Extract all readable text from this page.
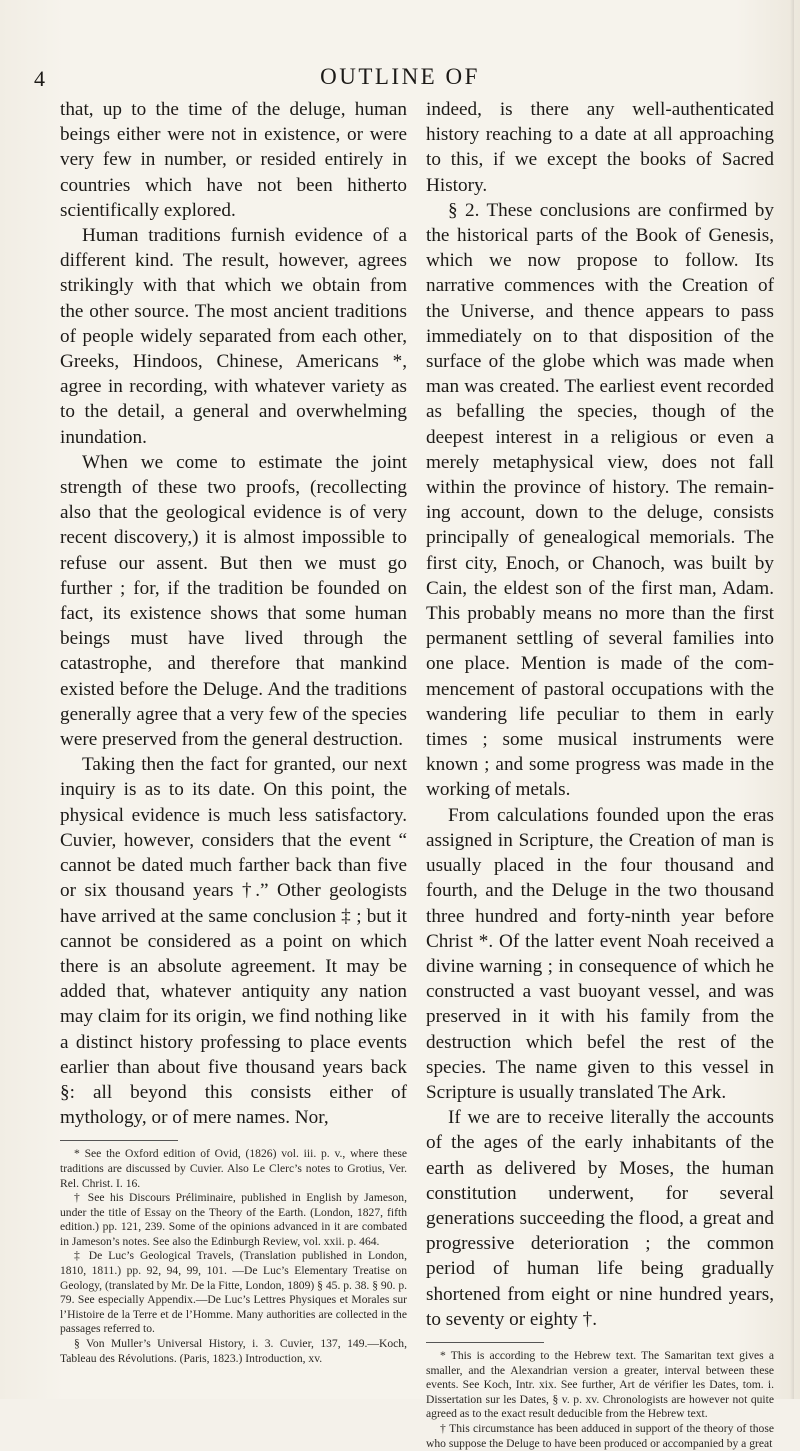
4	OUTLINE OF

that, up to the time of the deluge, human beings either were not in existence, or were very few in number, or resided entirely in countries which have not been hitherto scientifically explored.

Human traditions furnish evidence of a different kind. The result, however, agrees strikingly with that which we obtain from the other source. The most ancient traditions of people widely separated from each other, Greeks, Hindoos, Chinese, Americans *, agree in recording, with whatever variety as to the detail, a general and overwhelming inundation.

When we come to estimate the joint strength of these two proofs, (recollecting also that the geological evidence is of very recent discovery,) it is almost impossible to refuse our assent. But then we must go further ; for, if the tradition be founded on fact, its existence shows that some human beings must have lived through the catastrophe, and therefore that mankind existed before the Deluge. And the traditions generally agree that a very few of the species were preserved from the general destruction.

Taking then the fact for granted, our next inquiry is as to its date. On this point, the physical evidence is much less satisfactory. Cuvier, however, considers that the event “ cannot be dated much farther back than five or six thousand years †.” Other geologists have arrived at the same conclusion ‡ ; but it cannot be considered as a point on which there is an absolute agreement. It may be added that, whatever antiquity any nation may claim for its origin, we find nothing like a distinct history professing to place events earlier than about five thousand years back §: all beyond this consists either of mythology, or of mere names. Nor,

* See the Oxford edition of Ovid, (1826) vol. iii. p. v., where these traditions are discussed by Cuvier. Also Le Clerc’s notes to Grotius, Ver. Rel. Christ. I. 16.

† See his Discours Préliminaire, published in English by Jameson, under the title of Essay on the Theory of the Earth. (London, 1827, fifth edition.) pp. 121, 239. Some of the opinions advanced in it are combated in Jameson’s notes. See also the Edinburgh Review, vol. xxii. p. 464.

‡ De Luc’s Geological Travels, (Translation published in London, 1810, 1811.) pp. 92, 94, 99, 101. —De Luc’s Elementary Treatise on Geology, (translated by Mr. De la Fitte, London, 1809) § 45. p. 38. § 90. p. 79. See especially Appendix.—De Luc’s Lettres Physiques et Morales sur l’Histoire de la Terre et de l’Homme. Many authorities are collected in the passages referred to.

§ Von Muller’s Universal History, i. 3. Cuvier, 137, 149.—Koch, Tableau des Révolutions. (Paris, 1823.) Introduction, xv.

indeed, is there any well-authenticated history reaching to a date at all approaching to this, if we except the books of Sacred History.

§ 2. These conclusions are confirmed by the historical parts of the Book of Genesis, which we now propose to follow. Its narrative commences with the Creation of the Universe, and thence appears to pass immediately on to that disposition of the surface of the globe which was made when man was created. The earliest event recorded as befalling the species, though of the deepest interest in a religious or even a merely metaphysical view, does not fall within the province of history. The remaining account, down to the deluge, consists principally of genealogical memorials. The first city, Enoch, or Chanoch, was built by Cain, the eldest son of the first man, Adam. This probably means no more than the first permanent settling of several families into one place. Mention is made of the commencement of pastoral occupations with the wandering life peculiar to them in early times ; some musical instruments were known ; and some progress was made in the working of metals.

From calculations founded upon the eras assigned in Scripture, the Creation of man is usually placed in the four thousand and fourth, and the Deluge in the two thousand three hundred and forty-ninth year before Christ *. Of the latter event Noah received a divine warning ; in consequence of which he constructed a vast buoyant vessel, and was preserved in it with his family from the destruction which befel the rest of the species. The name given to this vessel in Scripture is usually translated The Ark.

If we are to receive literally the accounts of the ages of the early inhabitants of the earth as delivered by Moses, the human constitution underwent, for several generations succeeding the flood, a great and progressive deterioration ; the common period of human life being gradually shortened from eight or nine hundred years, to seventy or eighty †.

* This is according to the Hebrew text. The Samaritan text gives a smaller, and the Alexandrian version a greater, interval between these events. See Koch, Intr. xix. See further, Art de vérifier les Dates, tom. i. Dissertation sur les Dates, § v. p. xv. Chronologists are however not quite agreed as to the exact result deducible from the Hebrew text.

† This circumstance has been adduced in support of the theory of those who suppose the Deluge to have been produced or accompanied by a great
